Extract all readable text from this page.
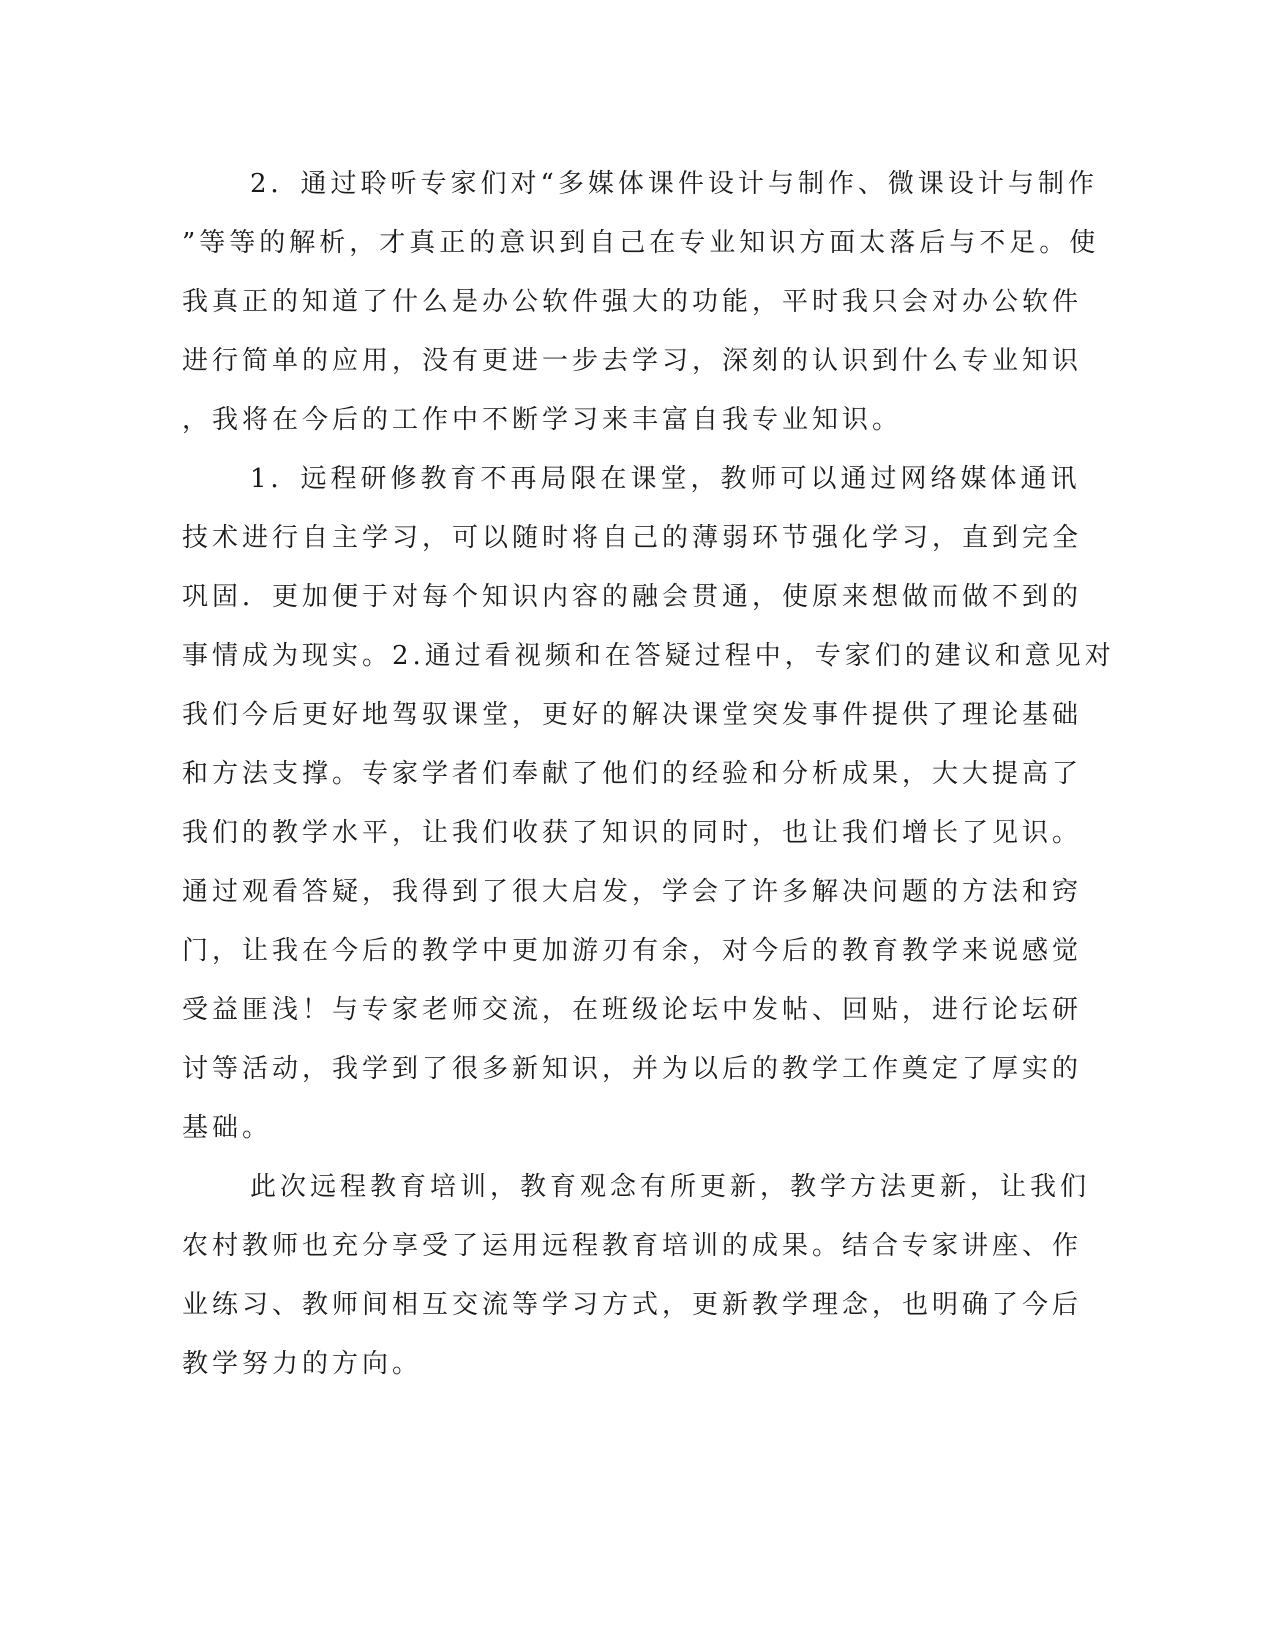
2．通过聆听专家们对“多媒体课件设计与制作、微课设计与制作
”等等的解析，才真正的意识到自己在专业知识方面太落后与不足。使
我真正的知道了什么是办公软件强大的功能，平时我只会对办公软件
进行简单的应用，没有更进一步去学习，深刻的认识到什么专业知识
，我将在今后的工作中不断学习来丰富自我专业知识。
1．远程研修教育不再局限在课堂，教师可以通过网络媒体通讯
技术进行自主学习，可以随时将自己的薄弱环节强化学习，直到完全
巩固．更加便于对每个知识内容的融会贯通，使原来想做而做不到的
事情成为现实。2.通过看视频和在答疑过程中，专家们的建议和意见对
我们今后更好地驾驭课堂，更好的解决课堂突发事件提供了理论基础
和方法支撑。专家学者们奉献了他们的经验和分析成果，大大提高了
我们的教学水平，让我们收获了知识的同时，也让我们增长了见识。
通过观看答疑，我得到了很大启发，学会了许多解决问题的方法和窍
门，让我在今后的教学中更加游刃有余，对今后的教育教学来说感觉
受益匪浅！与专家老师交流，在班级论坛中发帖、回贴，进行论坛研
讨等活动，我学到了很多新知识，并为以后的教学工作奠定了厚实的
基础。
此次远程教育培训，教育观念有所更新，教学方法更新，让我们
农村教师也充分享受了运用远程教育培训的成果。结合专家讲座、作
业练习、教师间相互交流等学习方式，更新教学理念，也明确了今后
教学努力的方向。
